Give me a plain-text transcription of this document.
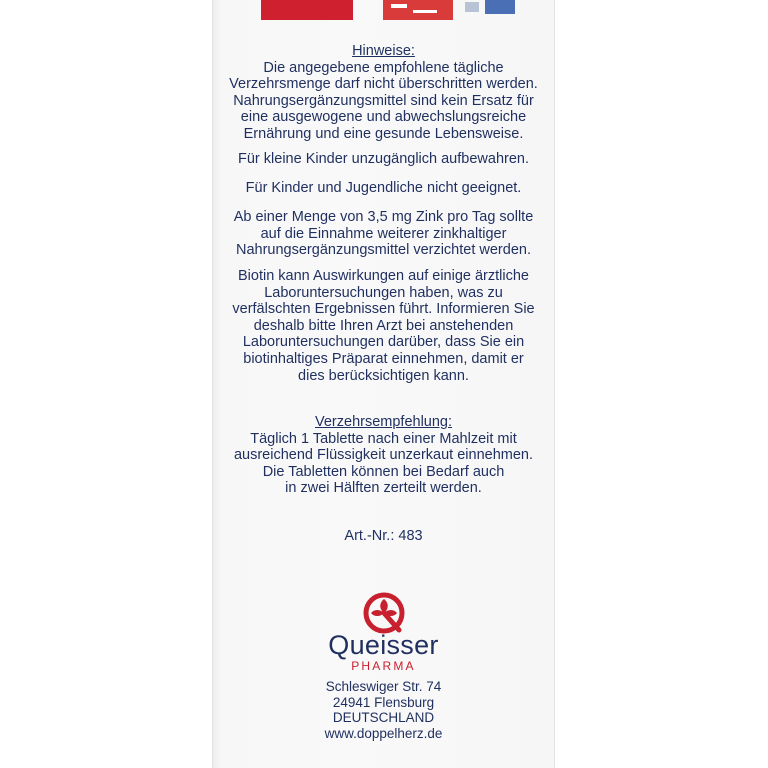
Hinweise:
Die angegebene empfohlene tägliche
Verzehrsmenge darf nicht überschritten werden.
Nahrungsergänzungsmittel sind kein Ersatz für
eine ausgewogene und abwechslungsreiche
Ernährung und eine gesunde Lebensweise.
Für kleine Kinder unzugänglich aufbewahren.
Für Kinder und Jugendliche nicht geeignet.
Ab einer Menge von 3,5 mg Zink pro Tag sollte
auf die Einnahme weiterer zinkhaltiger
Nahrungsergänzungsmittel verzichtet werden.
Biotin kann Auswirkungen auf einige ärztliche
Laboruntersuchungen haben, was zu
verfälschten Ergebnissen führt. Informieren Sie
deshalb bitte Ihren Arzt bei anstehenden
Laboruntersuchungen darüber, dass Sie ein
biotinhaltiges Präparat einnehmen, damit er
dies berücksichtigen kann.
Verzehrsempfehlung:
Täglich 1 Tablette nach einer Mahlzeit mit
ausreichend Flüssigkeit unzerkaut einnehmen.
Die Tabletten können bei Bedarf auch
in zwei Hälften zerteilt werden.
Art.-Nr.: 483
Queisser
PHARMA
Schleswiger Str. 74
24941 Flensburg
DEUTSCHLAND
www.doppelherz.de
